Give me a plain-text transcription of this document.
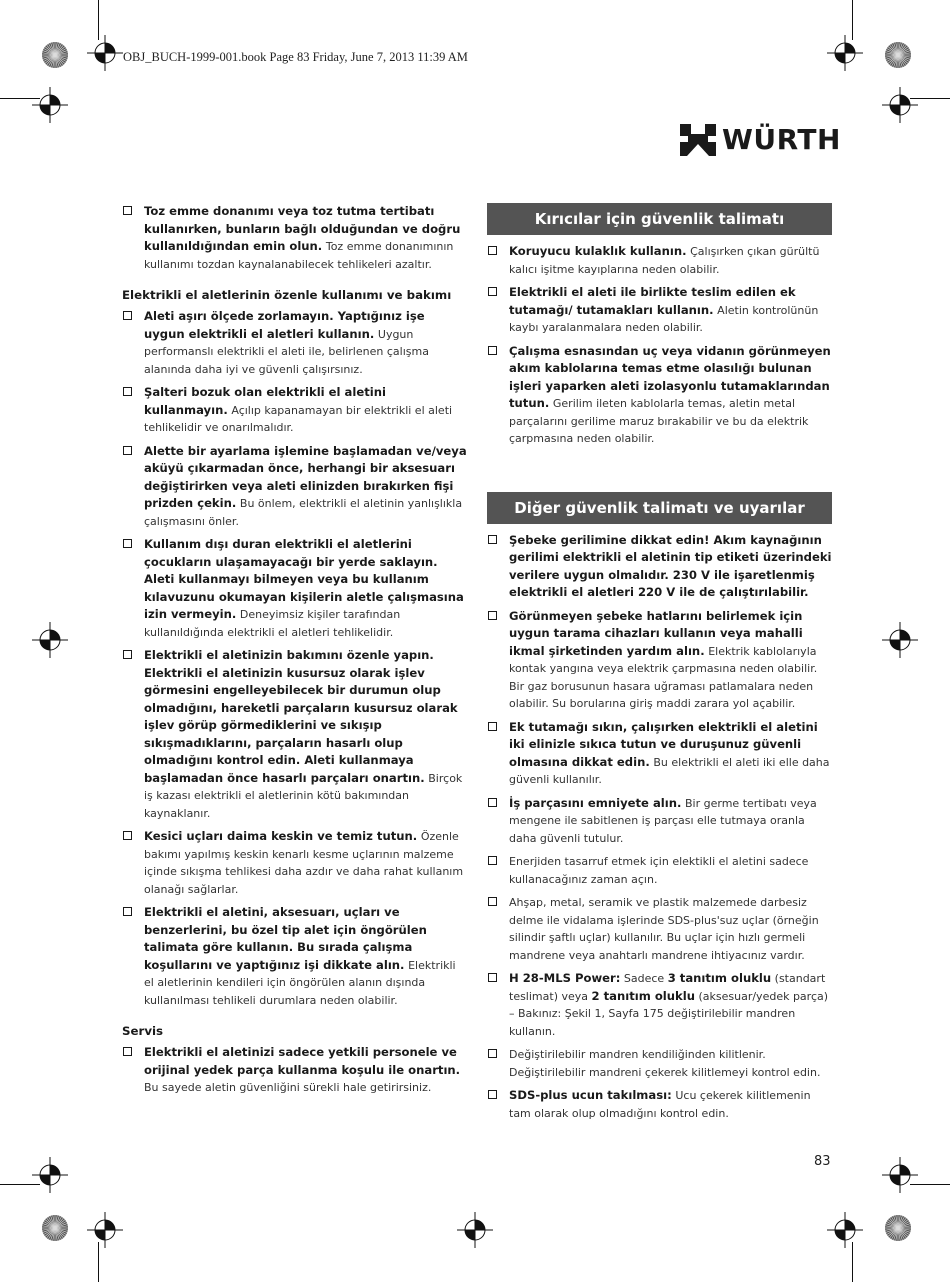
OBJ_BUCH-1999-001.book Page 83 Friday, June 7, 2013 11:39 AM
WÜRTH
Toz emme donanımı veya toz tutma tertibatı kullanırken, bunların bağlı olduğundan ve doğru kullanıldığından emin olun. Toz emme donanımının kullanımı tozdan kaynalanabilecek tehlikeleri azaltır.
Elektrikli el aletlerinin özenle kullanımı ve bakımı
Aleti aşırı ölçede zorlamayın. Yaptığınız işe uygun elektrikli el aletleri kullanın. Uygun performanslı elektrikli el aleti ile, belirlenen çalışma alanında daha iyi ve güvenli çalışırsınız.
Şalteri bozuk olan elektrikli el aletini kullanmayın. Açılıp kapanamayan bir elektrikli el aleti tehlikelidir ve onarılmalıdır.
Alette bir ayarlama işlemine başlamadan ve/veya aküyü çıkarmadan önce, herhangi bir aksesuarı değiştirirken veya aleti elinizden bırakırken fişi prizden çekin. Bu önlem, elektrikli el aletinin yanlışlıkla çalışmasını önler.
Kullanım dışı duran elektrikli el aletlerini çocukların ulaşamayacağı bir yerde saklayın. Aleti kullanmayı bilmeyen veya bu kullanım kılavuzunu okumayan kişilerin aletle çalışmasına izin vermeyin. Deneyimsiz kişiler tarafından kullanıldığında elektrikli el aletleri tehlikelidir.
Elektrikli el aletinizin bakımını özenle yapın. Elektrikli el aletinizin kusursuz olarak işlev görmesini engelleyebilecek bir durumun olup olmadığını, hareketli parçaların kusursuz olarak işlev görüp görmediklerini ve sıkışıp sıkışmadıklarını, parçaların hasarlı olup olmadığını kontrol edin. Aleti kullanmaya başlamadan önce hasarlı parçaları onartın. Birçok iş kazası elektrikli el aletlerinin kötü bakımından kaynaklanır.
Kesici uçları daima keskin ve temiz tutun. Özenle bakımı yapılmış keskin kenarlı kesme uçlarının malzeme içinde sıkışma tehlikesi daha azdır ve daha rahat kullanım olanağı sağlarlar.
Elektrikli el aletini, aksesuarı, uçları ve benzerlerini, bu özel tip alet için öngörülen talimata göre kullanın. Bu sırada çalışma koşullarını ve yaptığınız işi dikkate alın. Elektrikli el aletlerinin kendileri için öngörülen alanın dışında kullanılması tehlikeli durumlara neden olabilir.
Servis
Elektrikli el aletinizi sadece yetkili personele ve orijinal yedek parça kullanma koşulu ile onartın. Bu sayede aletin güvenliğini sürekli hale getirirsiniz.
Kırıcılar için güvenlik talimatı
Koruyucu kulaklık kullanın. Çalışırken çıkan gürültü kalıcı işitme kayıplarına neden olabilir.
Elektrikli el aleti ile birlikte teslim edilen ek tutamağı/ tutamakları kullanın. Aletin kontrolünün kaybı yaralanmalara neden olabilir.
Çalışma esnasından uç veya vidanın görünmeyen akım kablolarına temas etme olasılığı bulunan işleri yaparken aleti izolasyonlu tutamaklarından tutun. Gerilim ileten kablolarla temas, aletin metal parçalarını gerilime maruz bırakabilir ve bu da elektrik çarpmasına neden olabilir.
Diğer güvenlik talimatı ve uyarılar
Şebeke gerilimine dikkat edin! Akım kaynağının gerilimi elektrikli el aletinin tip etiketi üzerindeki verilere uygun olmalıdır. 230 V ile işaretlenmiş elektrikli el aletleri 220 V ile de çalıştırılabilir.
Görünmeyen şebeke hatlarını belirlemek için uygun tarama cihazları kullanın veya mahalli ikmal şirketinden yardım alın. Elektrik kablolarıyla kontak yangına veya elektrik çarpmasına neden olabilir. Bir gaz borusunun hasara uğraması patlamalara neden olabilir. Su borularına giriş maddi zarara yol açabilir.
Ek tutamağı sıkın, çalışırken elektrikli el aletini iki elinizle sıkıca tutun ve duruşunuz güvenli olmasına dikkat edin. Bu elektrikli el aleti iki elle daha güvenli kullanılır.
İş parçasını emniyete alın. Bir germe tertibatı veya mengene ile sabitlenen iş parçası elle tutmaya oranla daha güvenli tutulur.
Enerjiden tasarruf etmek için elektikli el aletini sadece kullanacağınız zaman açın.
Ahşap, metal, seramik ve plastik malzemede darbesiz delme ile vidalama işlerinde SDS-plus'suz uçlar (örneğin silindir şaftlı uçlar) kullanılır. Bu uçlar için hızlı germeli mandrene veya anahtarlı mandrene ihtiyacınız vardır.
H 28-MLS Power: Sadece 3 tanıtım oluklu (standart teslimat) veya 2 tanıtım oluklu (aksesuar/yedek parça) – Bakınız: Şekil 1, Sayfa 175 değiştirilebilir mandren kullanın.
Değiştirilebilir mandren kendiliğinden kilitlenir. Değiştirilebilir mandreni çekerek kilitlemeyi kontrol edin.
SDS-plus ucun takılması: Ucu çekerek kilitlemenin tam olarak olup olmadığını kontrol edin.
83
